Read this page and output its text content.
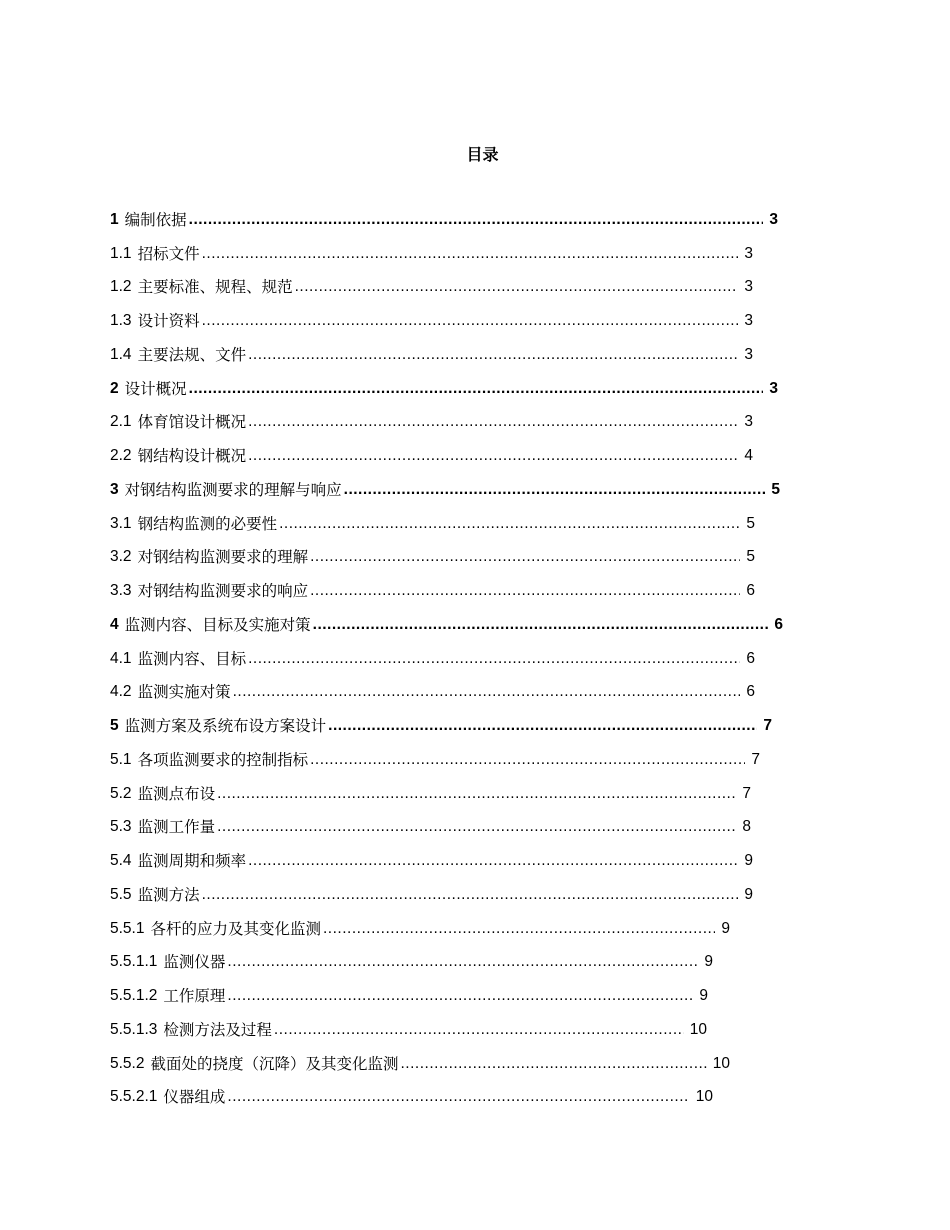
目录
1 编制依据 .....	3
1.1 招标文件 .....	3
1.2 主要标准、规程、规范 .....	3
1.3 设计资料 .....	3
1.4 主要法规、文件 .....	3
2 设计概况 .....	3
2.1 体育馆设计概况 .....	3
2.2 钢结构设计概况 .....	4
3 对钢结构监测要求的理解与响应 .....	5
3.1 钢结构监测的必要性 .....	5
3.2 对钢结构监测要求的理解 .....	5
3.3 对钢结构监测要求的响应 .....	6
4 监测内容、目标及实施对策 .....	6
4.1 监测内容、目标 .....	6
4.2 监测实施对策 .....	6
5 监测方案及系统布设方案设计 .....	7
5.1 各项监测要求的控制指标 .....	7
5.2 监测点布设 .....	7
5.3 监测工作量 .....	8
5.4 监测周期和频率 .....	9
5.5 监测方法 .....	9
5.5.1 各杆的应力及其变化监测 .....	9
5.5.1.1 监测仪器 .....	9
5.5.1.2 工作原理 .....	9
5.5.1.3 检测方法及过程 .....	10
5.5.2 截面处的挠度（沉降）及其变化监测 .....	10
5.5.2.1 仪器组成 .....	10
